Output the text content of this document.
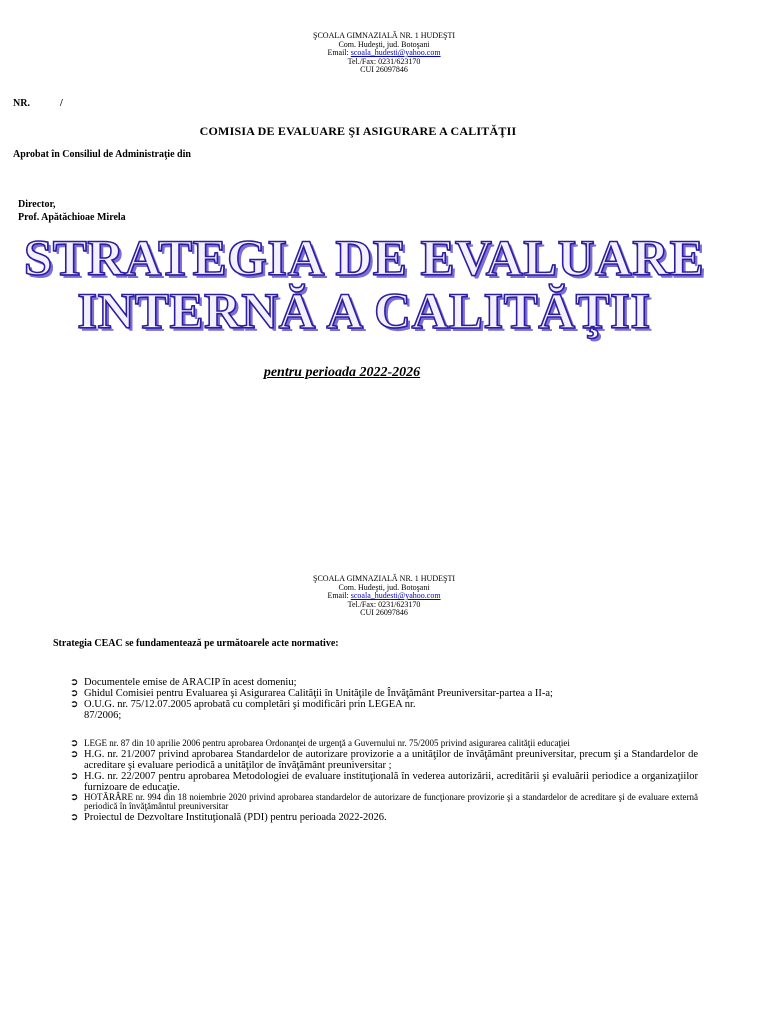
ŞCOALA GIMNAZIALĂ NR. 1 HUDEŞTI
Com. Hudeşti, jud. Botoşani
Email: scoala_hudesti@yahoo.com
Tel./Fax: 0231/623170
CUI 26097846
NR.	/
COMISIA DE EVALUARE ŞI ASIGURARE A CALITĂŢII
Aprobat în Consiliul de Administraţie din
Director,
Prof. Apătăchioae Mirela
STRATEGIA DE EVALUARE
INTERNĂ A CALITĂŢII
pentru perioada 2022-2026
ŞCOALA GIMNAZIALĂ NR. 1 HUDEŞTI
Com. Hudeşti, jud. Botoşani
Email: scoala_hudesti@yahoo.com
Tel./Fax: 0231/623170
CUI 26097846
Strategia CEAC se fundamentează pe următoarele acte normative:
➲ Documentele emise de ARACIP în acest domeniu;
➲ Ghidul Comisiei pentru Evaluarea şi Asigurarea Calităţii în Unităţile de Învăţământ Preuniversitar-partea a II-a;
➲ O.U.G. nr. 75/12.07.2005 aprobată cu completări şi modificări prin LEGEA nr. 87/2006;
➲ LEGE nr. 87 din 10 aprilie 2006 pentru aprobarea Ordonanţei de urgenţă a Guvernului nr. 75/2005 privind asigurarea calităţii educaţiei
➲ H.G. nr. 21/2007 privind aprobarea Standardelor de autorizare provizorie a a unităţilor de învăţământ preuniversitar, precum şi a Standardelor de acreditare şi evaluare periodică a unităţilor de învăţământ preuniversitar ;
➲ H.G. nr. 22/2007 pentru aprobarea Metodologiei de evaluare instituţională în vederea autorizării, acreditării şi evaluării periodice a organizaţiilor furnizoare de educaţie.
➲ HOTĂRÂRE nr. 994 din 18 noiembrie 2020 privind aprobarea standardelor de autorizare de funcţionare provizorie şi a standardelor de acreditare şi de evaluare externă periodică în învăţământul preuniversitar
➲ Proiectul de Dezvoltare Instituţională (PDI) pentru perioada 2022-2026.
